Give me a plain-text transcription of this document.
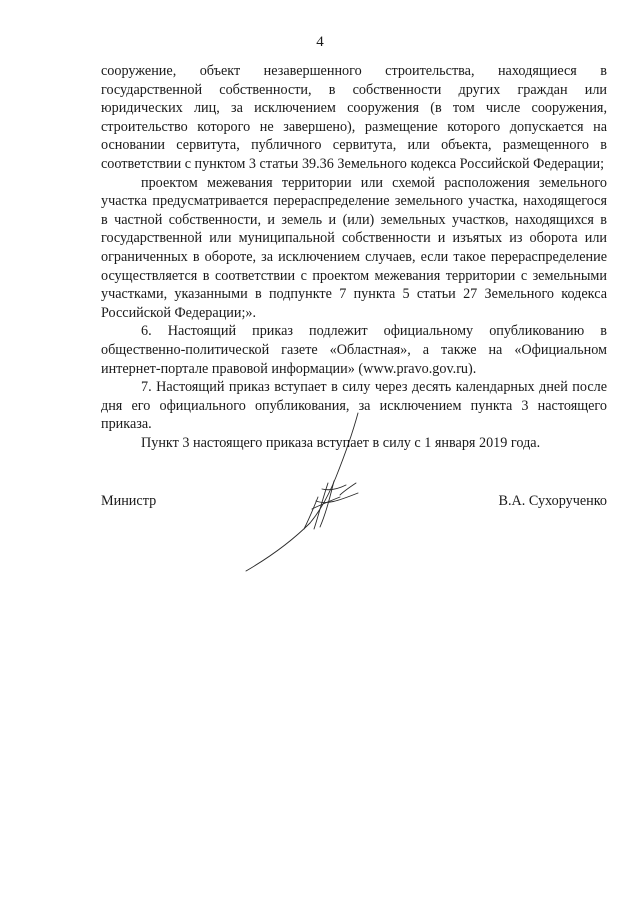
4

сооружение, объект незавершенного строительства, находящиеся в государственной собственности, в собственности других граждан или юридических лиц, за исключением сооружения (в том числе сооружения, строительство которого не завершено), размещение которого допускается на основании сервитута, публичного сервитута, или объекта, размещенного в соответствии с пунктом 3 статьи 39.36 Земельного кодекса Российской Федерации;

проектом межевания территории или схемой расположения земельного участка предусматривается перераспределение земельного участка, находящегося в частной собственности, и земель и (или) земельных участков, находящихся в государственной или муниципальной собственности и изъятых из оборота или ограниченных в обороте, за исключением случаев, если такое перераспределение осуществляется в соответствии с проектом межевания территории с земельными участками, указанными в подпункте 7 пункта 5 статьи 27 Земельного кодекса Российской Федерации;».

6. Настоящий приказ подлежит официальному опубликованию в общественно-политической газете «Областная», а также на «Официальном интернет-портале правовой информации» (www.pravo.gov.ru).

7. Настоящий приказ вступает в силу через десять календарных дней после дня его официального опубликования, за исключением пункта 3 настоящего приказа.

Пункт 3 настоящего приказа вступает в силу с 1 января 2019 года.

Министр	В.А. Сухорученко
